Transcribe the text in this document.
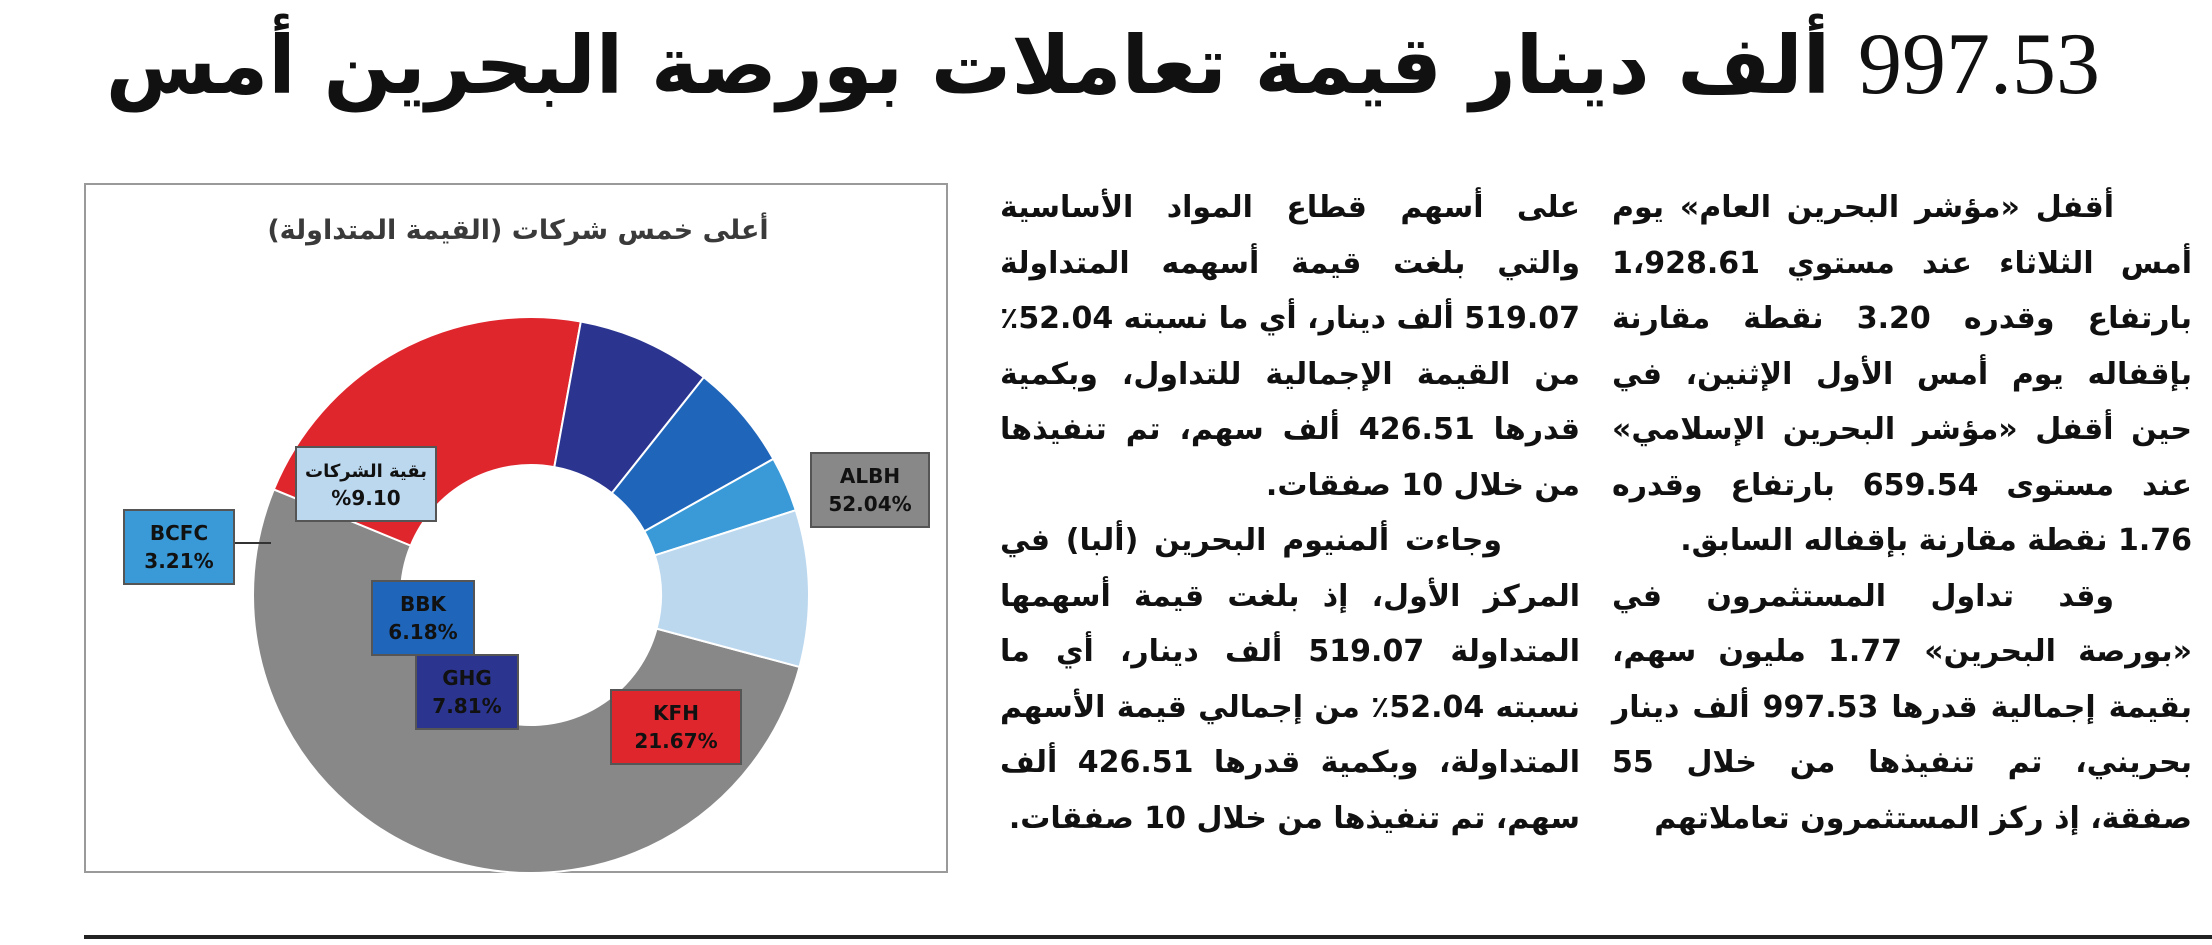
997.53 ألف دينار قيمة تعاملات بورصة البحرين أمس

أقفل «مؤشر البحرين العام» يوم أمس الثلاثاء عند مستوي 1،928.61 بارتفاع وقدره 3.20 نقطة مقارنة بإقفاله يوم أمس الأول الإثنين، في حين أقفل «مؤشر البحرين الإسلامي» عند مستوى 659.54 بارتفاع وقدره 1.76 نقطة مقارنة بإقفاله السابق.

وقد تداول المستثمرون في «بورصة البحرين» 1.77 مليون سهم، بقيمة إجمالية قدرها 997.53 ألف دينار بحريني، تم تنفيذها من خلال 55 صفقة، إذ ركز المستثمرون تعاملاتهم

على أسهم قطاع المواد الأساسية والتي بلغت قيمة أسهمه المتداولة 519.07 ألف دينار، أي ما نسبته 52.04٪ من القيمة الإجمالية للتداول، وبكمية قدرها 426.51 ألف سهم، تم تنفيذها من خلال 10 صفقات.

وجاءت ألمنيوم البحرين (ألبا) في المركز الأول، إذ بلغت قيمة أسهمها المتداولة 519.07 ألف دينار، أي ما نسبته 52.04٪ من إجمالي قيمة الأسهم المتداولة، وبكمية قدرها 426.51 ألف سهم، تم تنفيذها من خلال 10 صفقات.

أعلى خمس شركات (القيمة المتداولة)

ALBH
52.04%
KFH
21.67%
GHG
7.81%
BBK
6.18%
BCFC
3.21%
بقية الشركات
%9.10
